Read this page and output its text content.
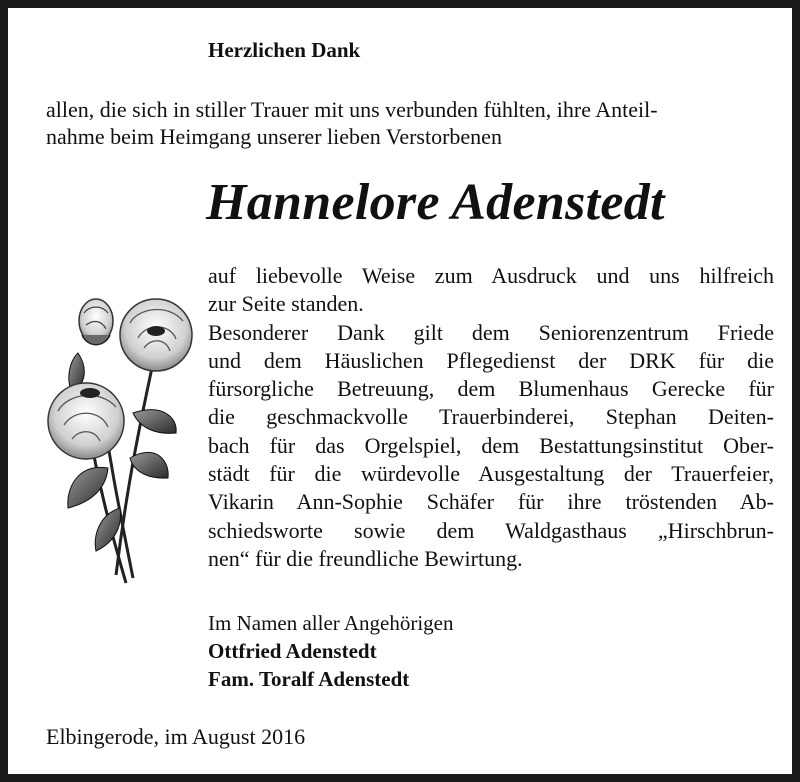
Herzlichen Dank
allen, die sich in stiller Trauer mit uns verbunden fühlten, ihre Anteil-
nahme beim Heimgang unserer lieben Verstorbenen
Hannelore Adenstedt
auf liebevolle Weise zum Ausdruck und uns hilfreich
zur Seite standen.
Besonderer Dank gilt dem Seniorenzentrum Friede
und dem Häuslichen Pflegedienst der DRK für die
fürsorgliche Betreuung, dem Blumenhaus Gerecke für
die geschmackvolle Trauerbinderei, Stephan Deiten-
bach für das Orgelspiel, dem Bestattungsinstitut Ober-
städt für die würdevolle Ausgestaltung der Trauerfeier,
Vikarin Ann-Sophie Schäfer für ihre tröstenden Ab-
schiedsworte sowie dem Waldgasthaus „Hirschbrun-
nen“ für die freundliche Bewirtung.
Im Namen aller Angehörigen
Ottfried Adenstedt
Fam. Toralf Adenstedt
Elbingerode, im August 2016
